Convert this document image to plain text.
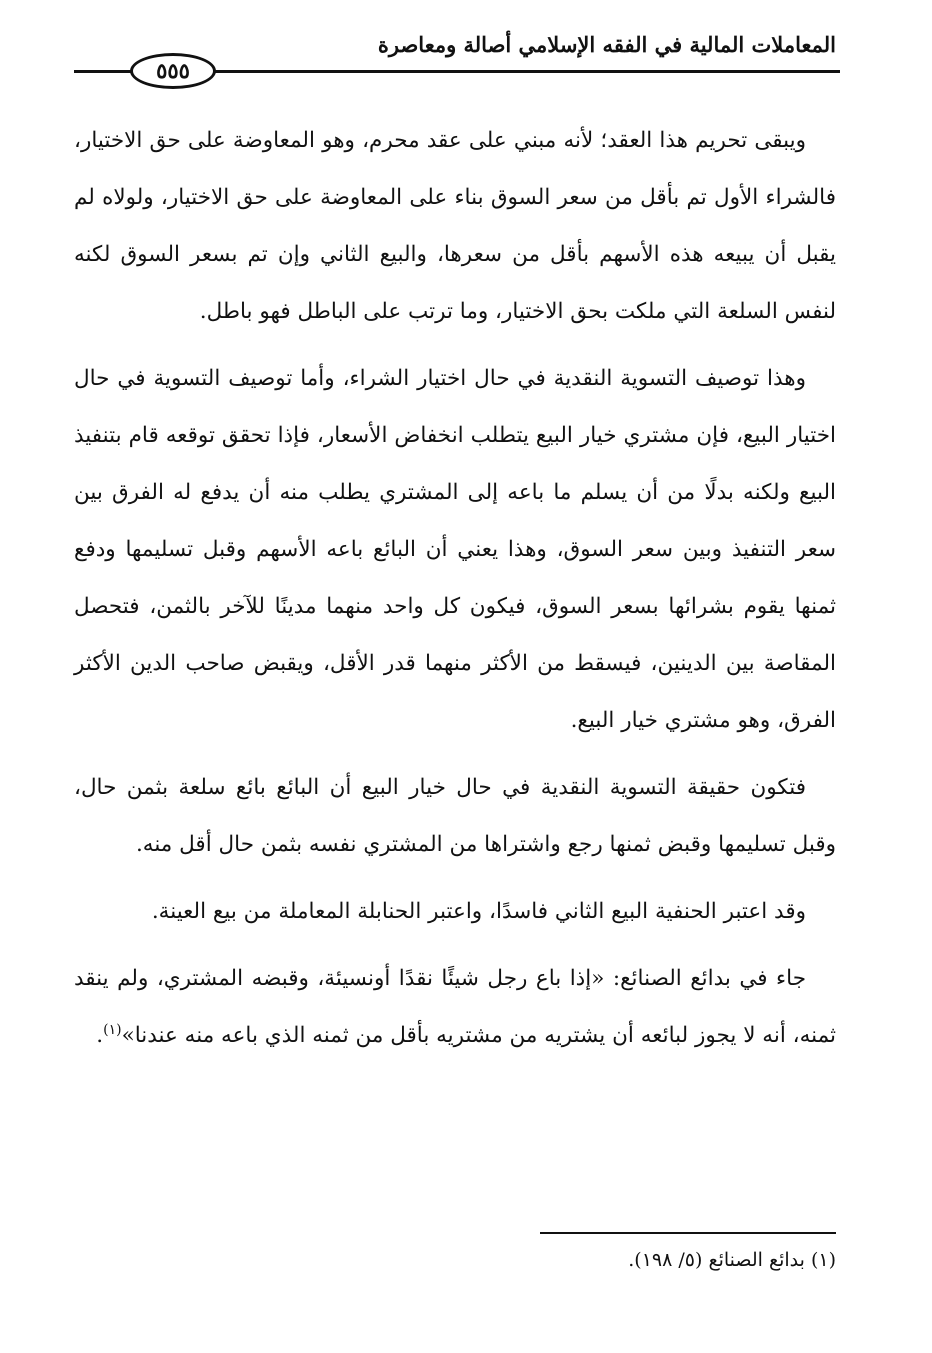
المعاملات المالية في الفقه الإسلامي أصالة ومعاصرة
٥٥٥

ويبقى تحريم هذا العقد؛ لأنه مبني على عقد محرم، وهو المعاوضة على حق الاختيار، فالشراء الأول تم بأقل من سعر السوق بناء على المعاوضة على حق الاختيار، ولولاه لم يقبل أن يبيعه هذه الأسهم بأقل من سعرها، والبيع الثاني وإن تم بسعر السوق لكنه لنفس السلعة التي ملكت بحق الاختيار، وما ترتب على الباطل فهو باطل.

وهذا توصيف التسوية النقدية في حال اختيار الشراء، وأما توصيف التسوية في حال اختيار البيع، فإن مشتري خيار البيع يتطلب انخفاض الأسعار، فإذا تحقق توقعه قام بتنفيذ البيع ولكنه بدلًا من أن يسلم ما باعه إلى المشتري يطلب منه أن يدفع له الفرق بين سعر التنفيذ وبين سعر السوق، وهذا يعني أن البائع باعه الأسهم وقبل تسليمها ودفع ثمنها يقوم بشرائها بسعر السوق، فيكون كل واحد منهما مدينًا للآخر بالثمن، فتحصل المقاصة بين الدينين، فيسقط من الأكثر منهما قدر الأقل، ويقبض صاحب الدين الأكثر الفرق، وهو مشتري خيار البيع.

فتكون حقيقة التسوية النقدية في حال خيار البيع أن البائع بائع سلعة بثمن حال، وقبل تسليمها وقبض ثمنها رجع واشتراها من المشتري نفسه بثمن حال أقل منه.

وقد اعتبر الحنفية البيع الثاني فاسدًا، واعتبر الحنابلة المعاملة من بيع العينة.

جاء في بدائع الصنائع: «إذا باع رجل شيئًا نقدًا أونسيئة، وقبضه المشتري، ولم ينقد ثمنه، أنه لا يجوز لبائعه أن يشتريه من مشتريه بأقل من ثمنه الذي باعه منه عندنا»$^{(١)}$.

(١) بدائع الصنائع (٥/ ١٩٨).
